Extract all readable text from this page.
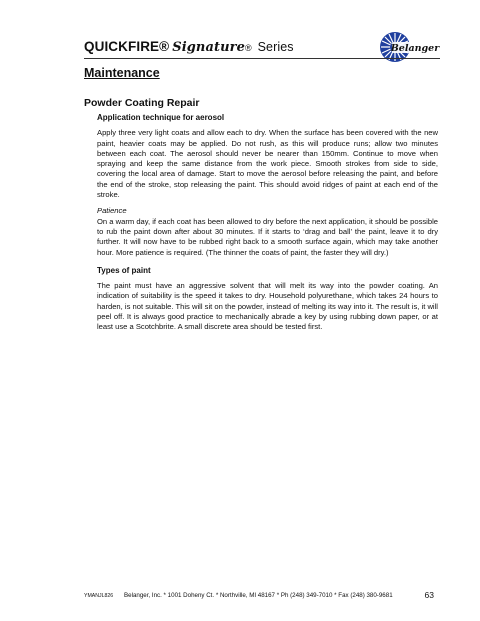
QUICKFIRE® Signature® Series	Belanger
Maintenance
Powder Coating Repair
Application technique for aerosol

Apply three very light coats and allow each to dry. When the surface has been covered with the new paint, heavier coats may be applied. Do not rush, as this will produce runs; allow two minutes between each coat. The aerosol should never be nearer than 150mm. Continue to move when spraying and keep the same distance from the work piece. Smooth strokes from side to side, covering the local area of damage. Start to move the aerosol before releasing the paint, and before the end of the stroke, stop releasing the paint. This should avoid ridges of paint at each end of the stroke.

Patience

On a warm day, if each coat has been allowed to dry before the next application, it should be possible to rub the paint down after about 30 minutes. If it starts to ‘drag and ball’ the paint, leave it to dry further. It will now have to be rubbed right back to a smooth surface again, which may take another hour. More patience is required. (The thinner the coats of paint, the faster they will dry.)

Types of paint

The paint must have an aggressive solvent that will melt its way into the powder coating. An indication of suitability is the speed it takes to dry. Household polyurethane, which takes 24 hours to harden, is not suitable. This will sit on the powder, instead of melting its way into it. The result is, it will peel off. It is always good practice to mechanically abrade a key by using rubbing down paper, or at least use a Scotchbrite. A small discrete area should be tested first.

YMANJL826 Belanger, Inc. * 1001 Doheny Ct. * Northville, MI 48167 * Ph (248) 349-7010 * Fax (248) 380-9681	63
